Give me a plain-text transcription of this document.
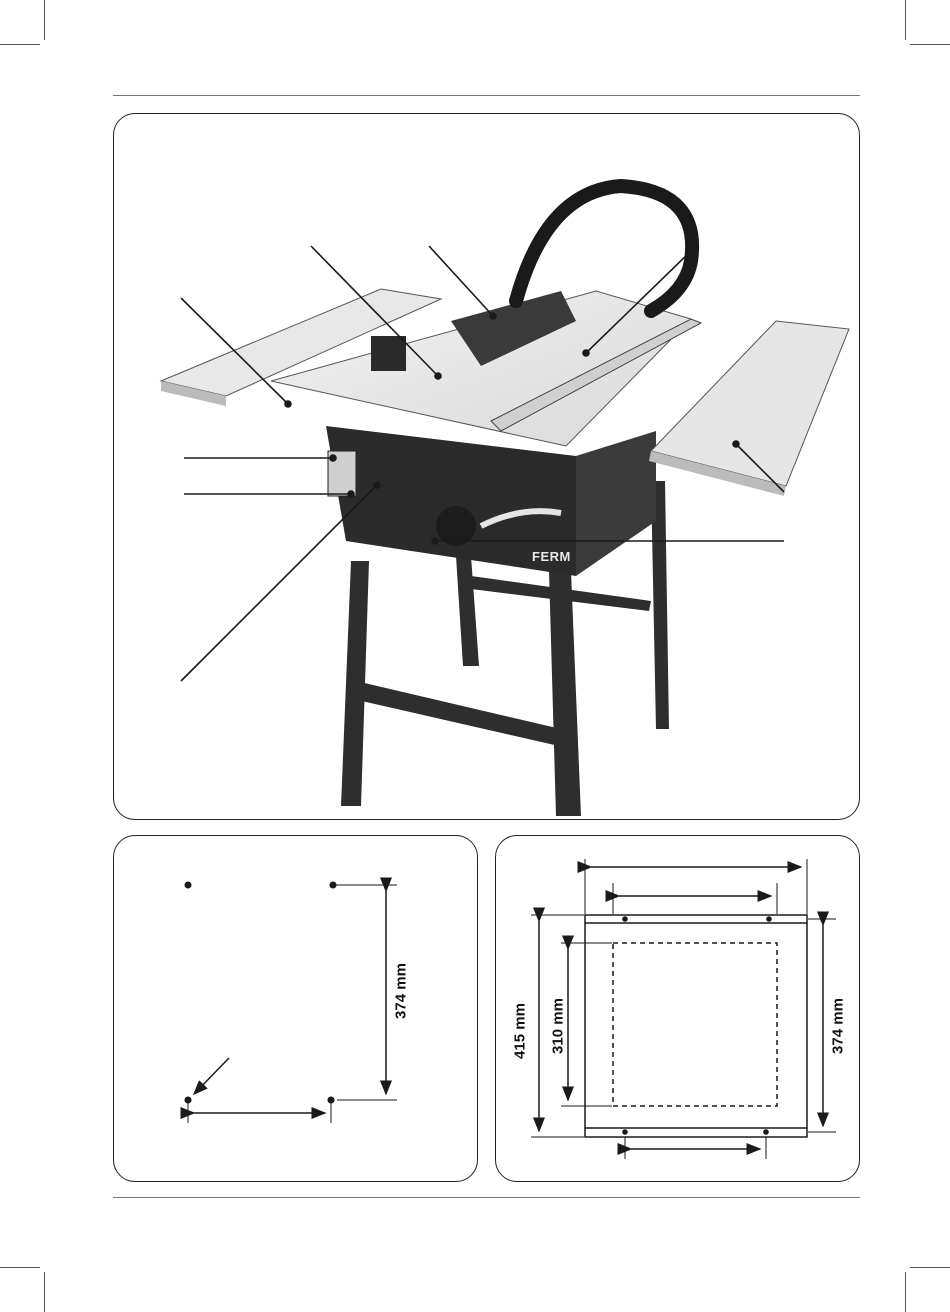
FERM
374 mm
415 mm 310 mm	374 mm
